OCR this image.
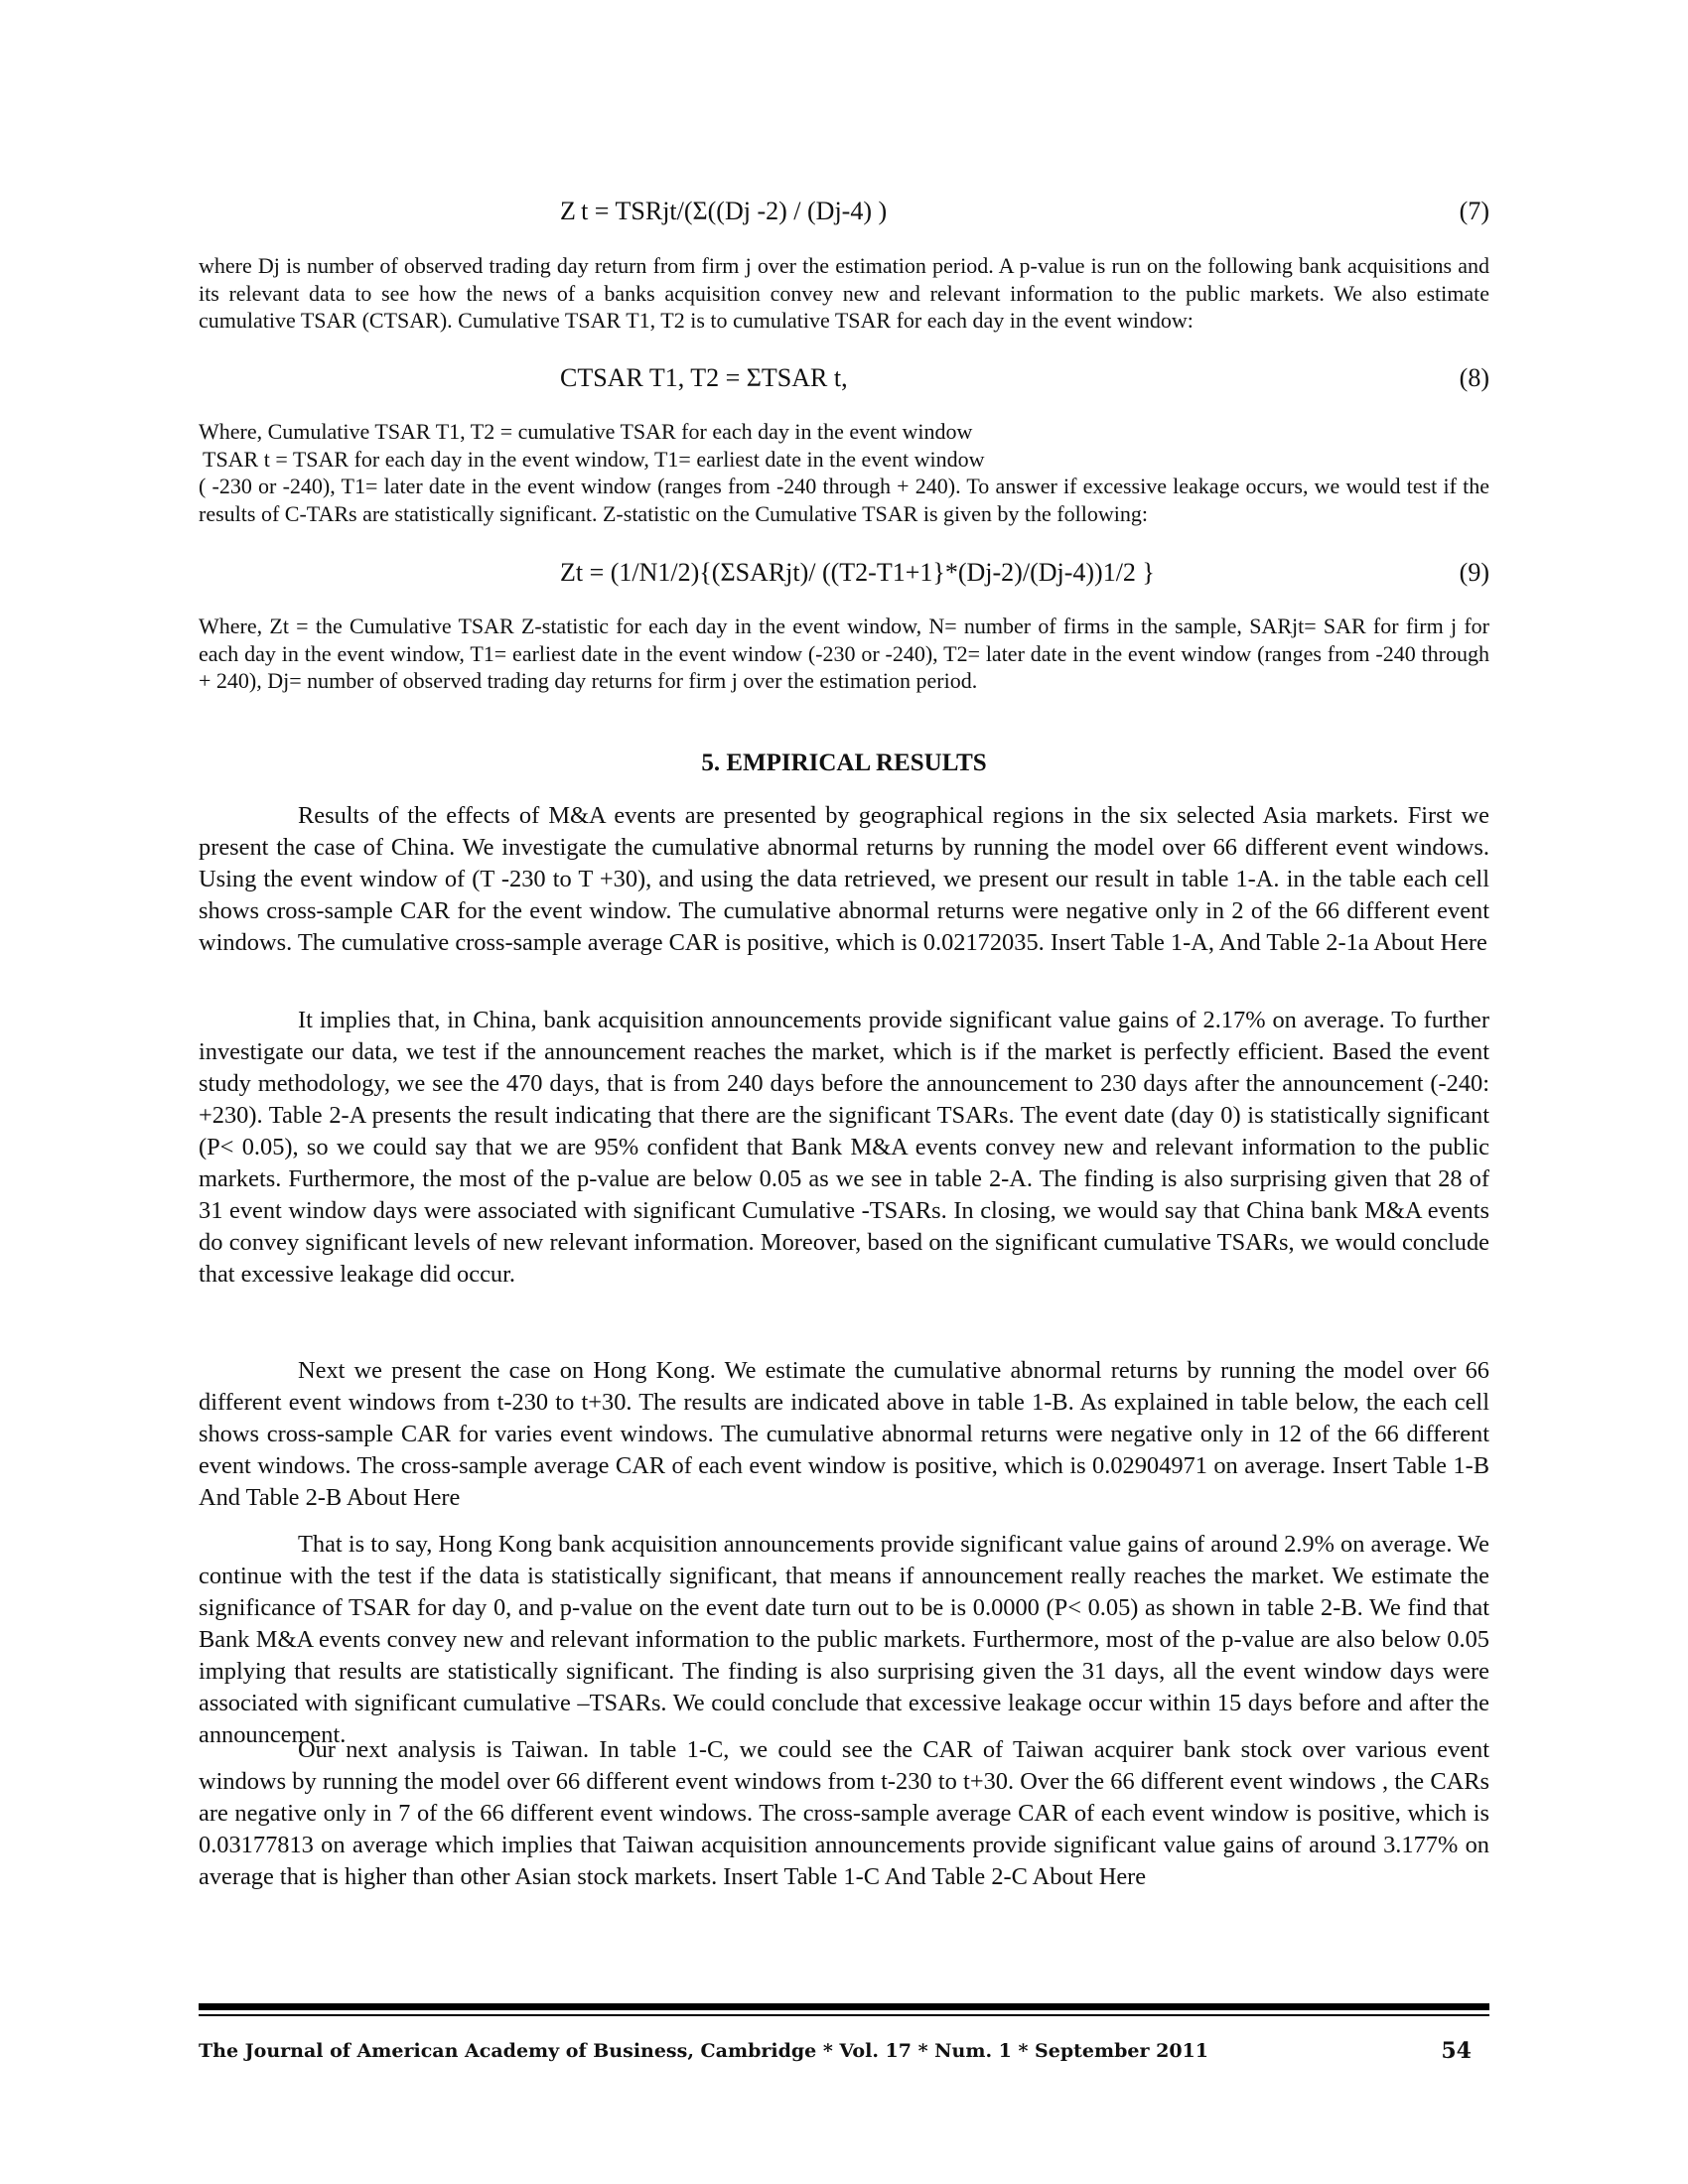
Z t = TSRjt/(Σ((Dj -2) / (Dj-4) )	(7)

where Dj is number of observed trading day return from firm j over the estimation period. A p-value is run on the following bank acquisitions and its relevant data to see how the news of a banks acquisition convey new and relevant information to the public markets. We also estimate cumulative TSAR (CTSAR). Cumulative TSAR T1, T2 is to cumulative TSAR for each day in the event window:

CTSAR T1, T2 = ΣTSAR t,	(8)

Where, Cumulative TSAR T1, T2 = cumulative TSAR for each day in the event window

TSAR t = TSAR for each day in the event window, T1= earliest date in the event window

( -230 or -240), T1= later date in the event window (ranges from -240 through + 240). To answer if excessive leakage occurs, we would test if the results of C-TARs are statistically significant. Z-statistic on the Cumulative TSAR is given by the following:

Zt = (1/N1/2){(ΣSARjt)/ ((T2-T1+1}*(Dj-2)/(Dj-4))1/2 }	(9)

Where, Zt = the Cumulative TSAR Z-statistic for each day in the event window, N= number of firms in the sample, SARjt= SAR for firm j for each day in the event window, T1= earliest date in the event window (-230 or -240), T2= later date in the event window (ranges from -240 through + 240), Dj= number of observed trading day returns for firm j over the estimation period.

5. EMPIRICAL RESULTS

Results of the effects of M&A events are presented by geographical regions in the six selected Asia markets. First we present the case of China. We investigate the cumulative abnormal returns by running the model over 66 different event windows. Using the event window of (T -230 to T +30), and using the data retrieved, we present our result in table 1-A. in the table each cell shows cross-sample CAR for the event window. The cumulative abnormal returns were negative only in 2 of the 66 different event windows. The cumulative cross-sample average CAR is positive, which is 0.02172035. Insert Table 1-A, And Table 2-1a About Here

It implies that, in China, bank acquisition announcements provide significant value gains of 2.17% on average. To further investigate our data, we test if the announcement reaches the market, which is if the market is perfectly efficient. Based the event study methodology, we see the 470 days, that is from 240 days before the announcement to 230 days after the announcement (-240: +230). Table 2-A presents the result indicating that there are the significant TSARs. The event date (day 0) is statistically significant (P< 0.05), so we could say that we are 95% confident that Bank M&A events convey new and relevant information to the public markets. Furthermore, the most of the p-value are below 0.05 as we see in table 2-A. The finding is also surprising given that 28 of 31 event window days were associated with significant Cumulative -TSARs. In closing, we would say that China bank M&A events do convey significant levels of new relevant information. Moreover, based on the significant cumulative TSARs, we would conclude that excessive leakage did occur.

Next we present the case on Hong Kong. We estimate the cumulative abnormal returns by running the model over 66 different event windows from t-230 to t+30. The results are indicated above in table 1-B. As explained in table below, the each cell shows cross-sample CAR for varies event windows. The cumulative abnormal returns were negative only in 12 of the 66 different event windows. The cross-sample average CAR of each event window is positive, which is 0.02904971 on average. Insert Table 1-B And Table 2-B About Here

That is to say, Hong Kong bank acquisition announcements provide significant value gains of around 2.9% on average. We continue with the test if the data is statistically significant, that means if announcement really reaches the market. We estimate the significance of TSAR for day 0, and p-value on the event date turn out to be is 0.0000 (P< 0.05) as shown in table 2-B. We find that Bank M&A events convey new and relevant information to the public markets. Furthermore, most of the p-value are also below 0.05 implying that results are statistically significant. The finding is also surprising given the 31 days, all the event window days were associated with significant cumulative –TSARs. We could conclude that excessive leakage occur within 15 days before and after the announcement.

Our next analysis is Taiwan. In table 1-C, we could see the CAR of Taiwan acquirer bank stock over various event windows by running the model over 66 different event windows from t-230 to t+30. Over the 66 different event windows , the CARs are negative only in 7 of the 66 different event windows. The cross-sample average CAR of each event window is positive, which is 0.03177813 on average which implies that Taiwan acquisition announcements provide significant value gains of around 3.177% on average that is higher than other Asian stock markets. Insert Table 1-C And Table 2-C About Here

The Journal of American Academy of Business, Cambridge * Vol. 17 * Num. 1 * September 2011	54
